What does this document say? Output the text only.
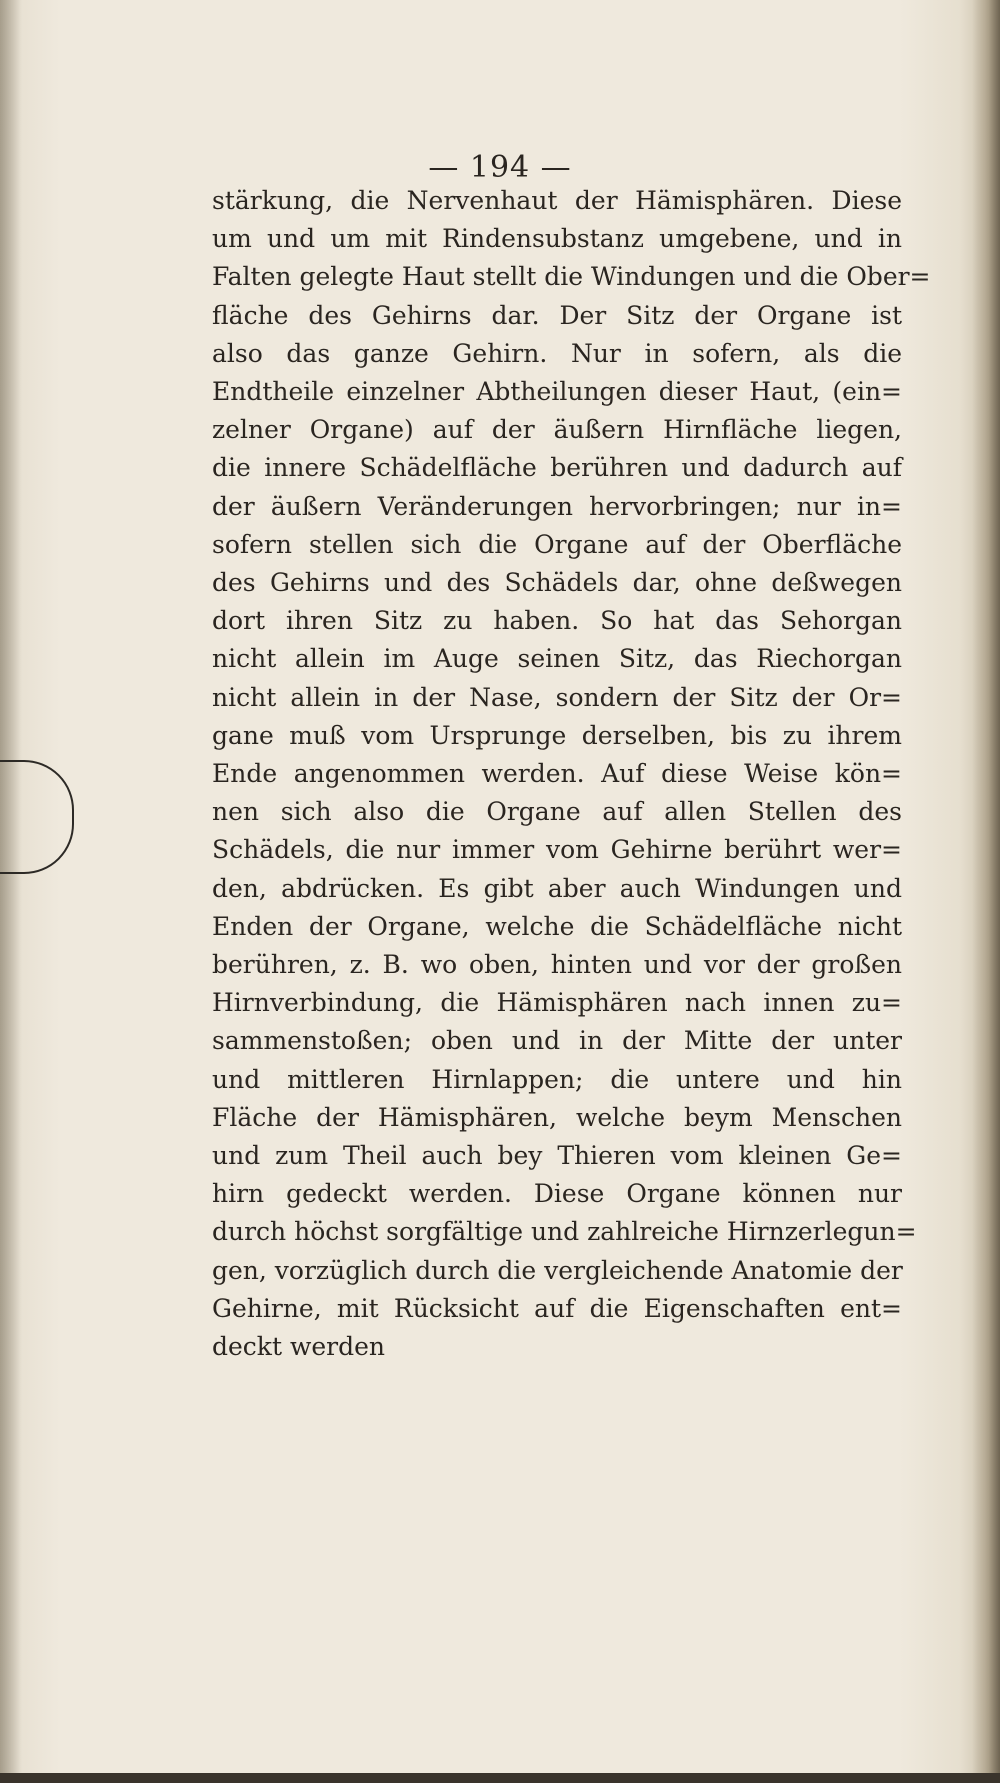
— 194 —
stärkung, die Nervenhaut der Hämisphären. Diese
um und um mit Rindensubstanz umgebene, und in
Falten gelegte Haut stellt die Windungen und die Ober=
fläche des Gehirns dar. Der Sitz der Organe ist
also das ganze Gehirn. Nur in sofern, als die
Endtheile einzelner Abtheilungen dieser Haut, (ein=
zelner Organe) auf der äußern Hirnfläche liegen,
die innere Schädelfläche berühren und dadurch auf
der äußern Veränderungen hervorbringen; nur in=
sofern stellen sich die Organe auf der Oberfläche
des Gehirns und des Schädels dar, ohne deßwegen
dort ihren Sitz zu haben. So hat das Sehorgan
nicht allein im Auge seinen Sitz, das Riechorgan
nicht allein in der Nase, sondern der Sitz der Or=
gane muß vom Ursprunge derselben, bis zu ihrem
Ende angenommen werden. Auf diese Weise kön=
nen sich also die Organe auf allen Stellen des
Schädels, die nur immer vom Gehirne berührt wer=
den, abdrücken. Es gibt aber auch Windungen und
Enden der Organe, welche die Schädelfläche nicht
berühren, z. B. wo oben, hinten und vor der großen
Hirnverbindung, die Hämisphären nach innen zu=
sammenstoßen; oben und in der Mitte der unter
und mittleren Hirnlappen; die untere und hin
Fläche der Hämisphären, welche beym Menschen
und zum Theil auch bey Thieren vom kleinen Ge=
hirn gedeckt werden. Diese Organe können nur
durch höchst sorgfältige und zahlreiche Hirnzerlegun=
gen, vorzüglich durch die vergleichende Anatomie der
Gehirne, mit Rücksicht auf die Eigenschaften ent=
deckt werden
